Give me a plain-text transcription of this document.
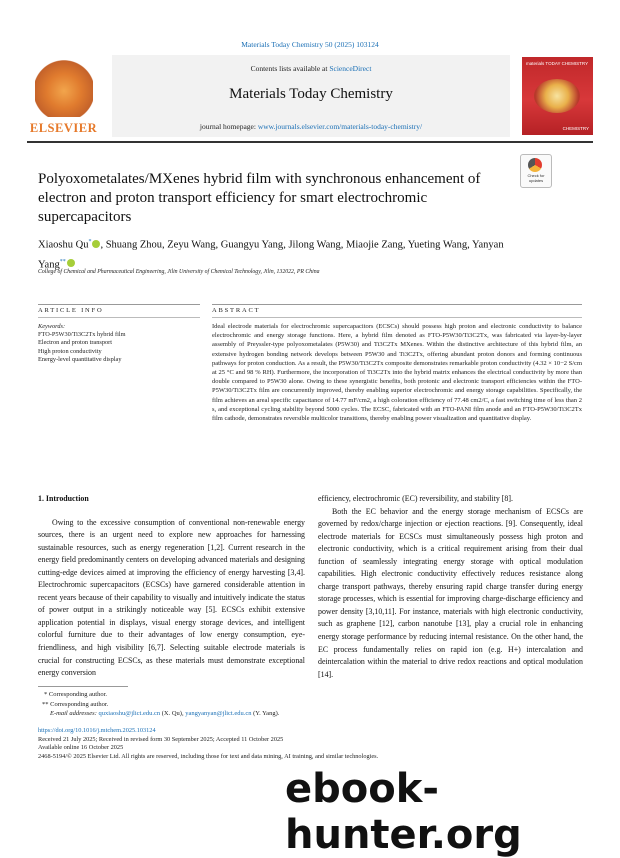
Materials Today Chemistry 50 (2025) 103124
ELSEVIER
Contents lists available at ScienceDirect
Materials Today Chemistry
journal homepage: www.journals.elsevier.com/materials-today-chemistry/
materials TODAY CHEMISTRY
CHEMISTRY
Check for updates
Polyoxometalates/MXenes hybrid film with synchronous enhancement of electron and proton transport efficiency for smart electrochromic supercapacitors
Xiaoshu Qu* , Shuang Zhou, Zeyu Wang, Guangyu Yang, Jilong Wang, Miaojie Zang, Yueting Wang, Yanyan Yang**
College of Chemical and Pharmaceutical Engineering, Jilin University of Chemical Technology, Jilin, 132022, PR China
ARTICLE INFO
Keywords:
FTO-P5W30/Ti3C2Tx hybrid film
Electron and proton transport
High proton conductivity
Energy-level quantitative display
ABSTRACT
Ideal electrode materials for electrochromic supercapacitors (ECSCs) should possess high proton and electronic conductivity to balance electrochromic and energy storage functions. Here, a hybrid film denoted as FTO-P5W30/Ti3C2Tx, was fabricated via layer-by-layer assembly of Preyssler-type polyoxometalates (P5W30) and Ti3C2Tx MXenes. Within the distinctive architecture of this hybrid film, an extensive hydrogen bonding network develops between P5W30 and Ti3C2Tx, offering abundant proton donors and forming continuous pathways for proton conduction. As a result, the P5W30/Ti3C2Tx composite demonstrates remarkable proton conductivity (4.32 × 10−2 S/cm at 25 °C and 98 % RH). Furthermore, the incorporation of Ti3C2Tx into the hybrid matrix enhances the electrical conductivity by more than double compared to P5W30 alone. Owing to these synergistic benefits, both protonic and electronic transport efficiencies within the FTO-P5W30/Ti3C2Tx film are concurrently improved, thereby enabling superior electrochromic and energy storage capabilities. Specifically, the film achieves an areal specific capacitance of 14.77 mF/cm2, a high coloration efficiency of 77.48 cm2/C, a fast switching time of less than 2 s, and exceptional cycling stability beyond 5000 cycles. The ECSC, fabricated with an FTO-PANI film anode and an FTO-P5W30/Ti3C2Tx film cathode, demonstrates reversible multicolor transitions, thereby enabling power visualization and quantitative display.
1. Introduction
Owing to the excessive consumption of conventional non-renewable energy sources, there is an urgent need to explore new approaches for harnessing sustainable resources, such as energy regeneration [1,2]. Current research in the energy field predominantly centers on developing advanced materials and designing cutting-edge devices aimed at improving the efficiency of energy harvesting [3,4]. Electrochromic supercapacitors (ECSCs) have garnered considerable attention in recent years because of their capability to visually and intuitively indicate the status of power output in a strikingly noticeable way [5]. ECSCs exhibit extensive application potential in displays, visual energy storage devices, and intelligent colorful furniture due to their advantages of low energy consumption, eye-friendliness, and high visibility [6,7]. Selecting suitable electrode materials is crucial for constructing ECSCs, as these materials must demonstrate exceptional energy conversion
efficiency, electrochromic (EC) reversibility, and stability [8].
Both the EC behavior and the energy storage mechanism of ECSCs are governed by redox/charge injection or ejection reactions. [9]. Consequently, ideal electrode materials for ECSCs must simultaneously possess high proton and electronic conductivity, which is a critical requirement arising from their dual function of seamlessly integrating energy storage with optical modulation capabilities. High electronic conductivity effectively reduces resistance along charge transport pathways, thereby ensuring rapid charge transfer during energy storage processes, which is essential for improving charge-discharge efficiency and power density [3,10,11]. For instance, materials with high electronic conductivity, such as graphene [12], carbon nanotube [13], play a crucial role in enhancing energy storage performance by reducing internal resistance. On the other hand, the EC process fundamentally relies on rapid ion (e.g. H+) intercalation and deintercalation within the material to drive redox reactions and optical modulation [14].
* Corresponding author.
** Corresponding author.
E-mail addresses: quxiaoshu@jlict.edu.cn (X. Qu), yangyanyan@jlict.edu.cn (Y. Yang).
https://doi.org/10.1016/j.mtchem.2025.103124
Received 21 July 2025; Received in revised form 30 September 2025; Accepted 11 October 2025
Available online 16 October 2025
2468-5194/© 2025 Elsevier Ltd. All rights are reserved, including those for text and data mining, AI training, and similar technologies.
ebook-hunter.org
